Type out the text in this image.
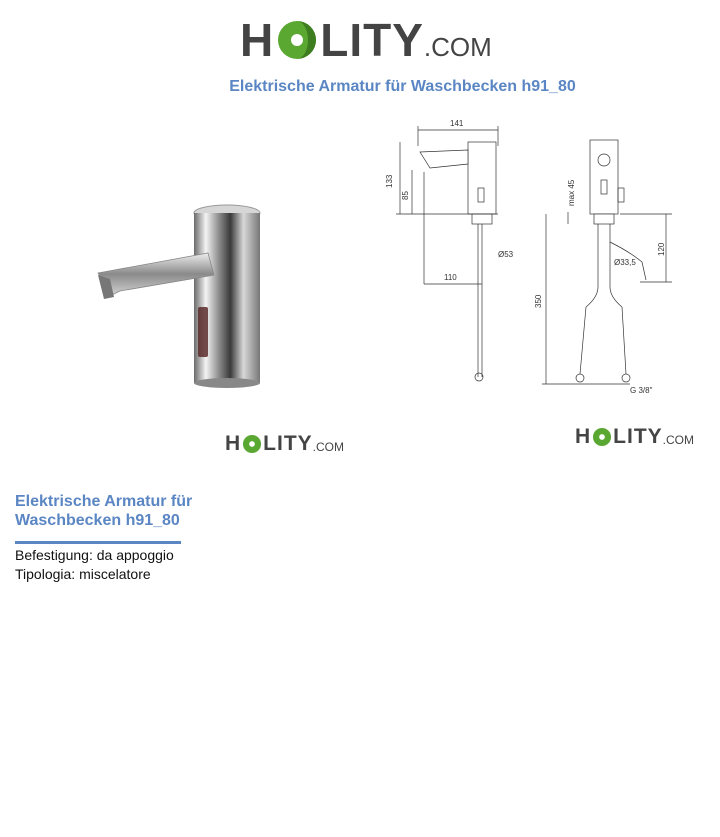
H LITY .COM
Elektrische Armatur für Waschbecken h91_80
141
133
85
Ø53
110
max 45
120
Ø33,5
350
G 3/8"
H LITY .COM	H LITY .COM
Elektrische Armatur für Waschbecken h91_80
Befestigung: da appoggio
Tipologia: miscelatore
